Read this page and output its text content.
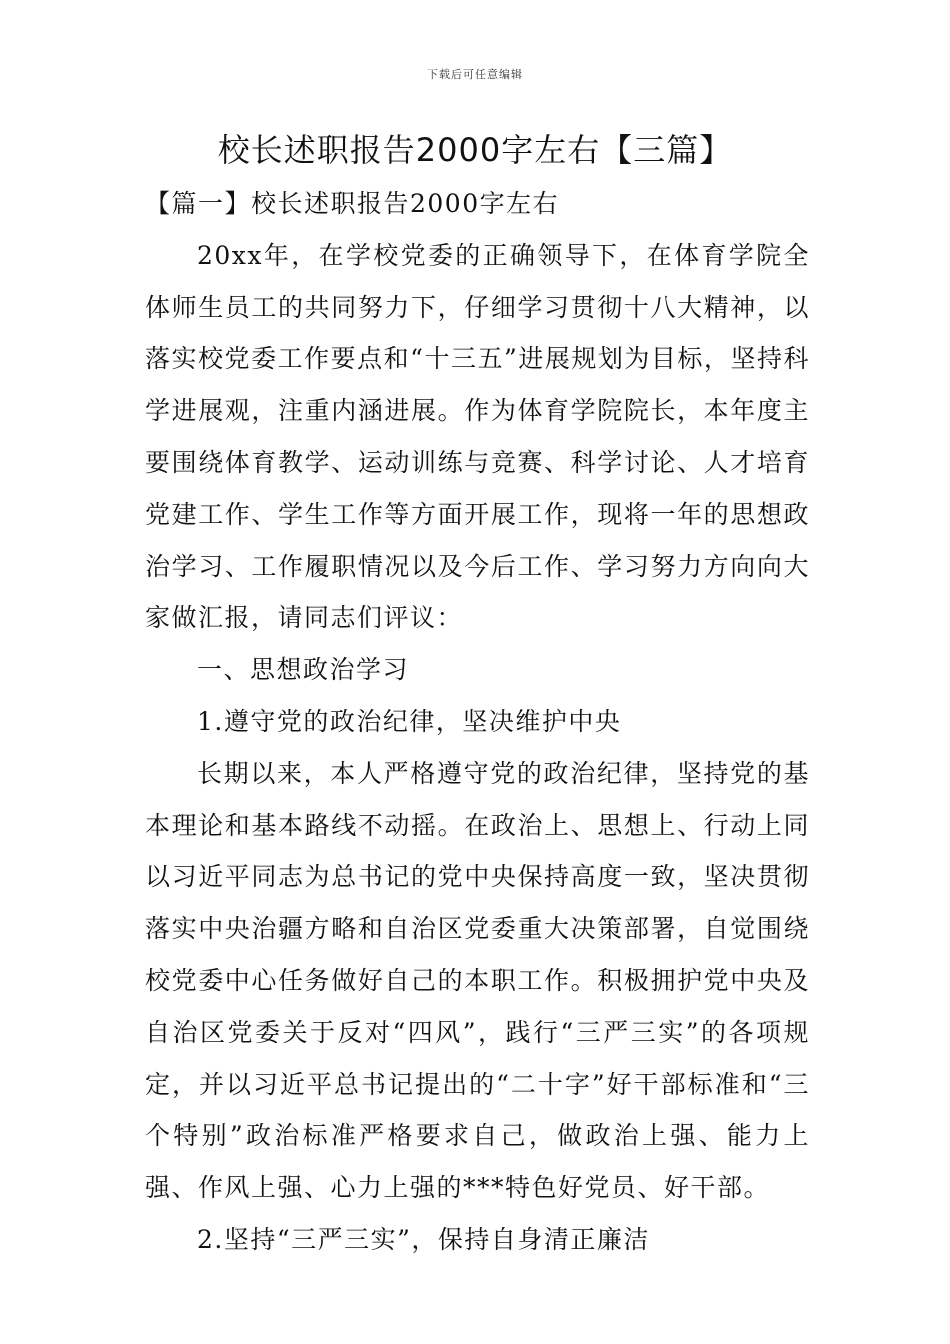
下载后可任意编辑
校长述职报告2000字左右【三篇】

【篇一】校长述职报告2000字左右

20xx年，在学校党委的正确领导下，在体育学院全体师生员工的共同努力下，仔细学习贯彻十八大精神，以落实校党委工作要点和“十三五”进展规划为目标，坚持科学进展观，注重内涵进展。作为体育学院院长，本年度主要围绕体育教学、运动训练与竞赛、科学讨论、人才培育党建工作、学生工作等方面开展工作，现将一年的思想政治学习、工作履职情况以及今后工作、学习努力方向向大家做汇报，请同志们评议：

一、思想政治学习

1.遵守党的政治纪律，坚决维护中央

长期以来，本人严格遵守党的政治纪律，坚持党的基本理论和基本路线不动摇。在政治上、思想上、行动上同以习近平同志为总书记的党中央保持高度一致，坚决贯彻落实中央治疆方略和自治区党委重大决策部署，自觉围绕校党委中心任务做好自己的本职工作。积极拥护党中央及自治区党委关于反对“四风”，践行“三严三实”的各项规定，并以习近平总书记提出的“二十字”好干部标准和“三个特别”政治标准严格要求自己，做政治上强、能力上强、作风上强、心力上强的***特色好党员、好干部。

2.坚持“三严三实”，保持自身清正廉洁
